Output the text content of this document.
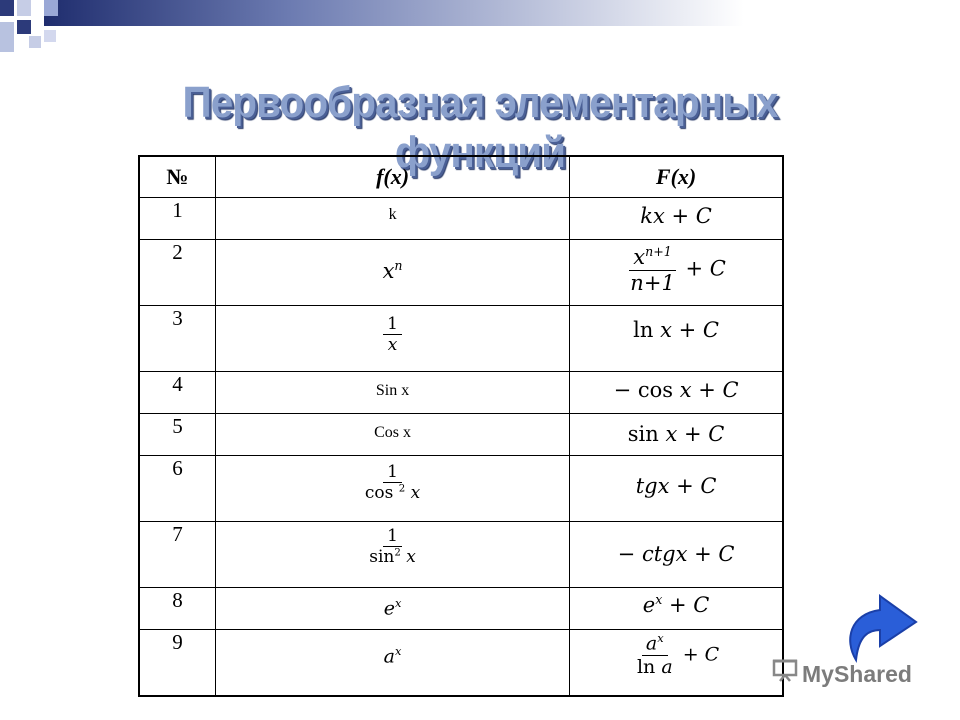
Первообразная элементарных функций
№	f(x)	F(x)
1	k	kx + C

2	$x^n$	$\frac{x^{n+1}}{n+1} + C$

3	$\frac{1}{x}$	ln x + C

4	Sin x	− cos x + C

5	Cos x	sin x + C

6	$\frac{1}{\cos ^2 x}$	tgx + C

7	$\frac{1}{\sin^2 x}$	− ctgx + C

8	$e^x$	$e^x + C$

9	$a^x$	$\frac{a^x}{\text{ln a}} + C$
MyShared
